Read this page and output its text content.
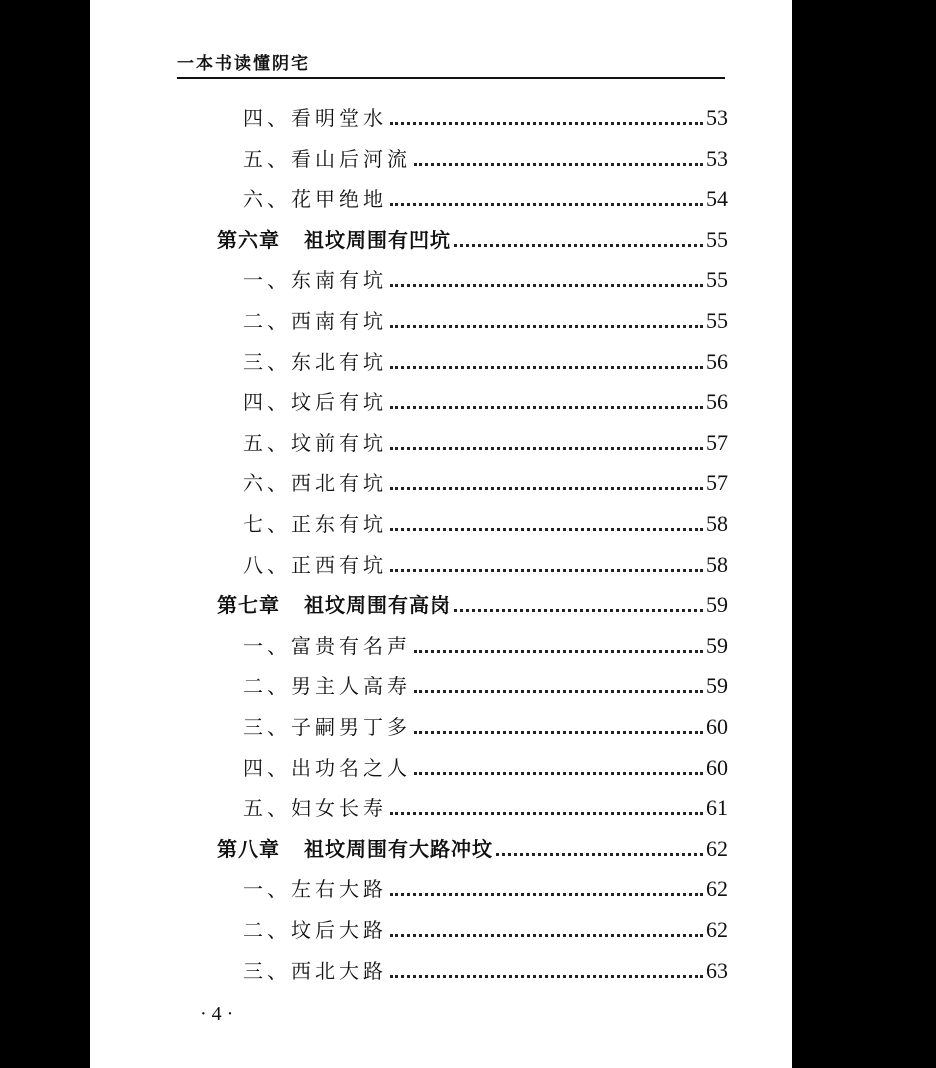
一本书读懂阴宅
四、 看明堂水	53
五、 看山后河流	53
六、 花甲绝地	54
第六章 祖坟周围有凹坑	55
一、 东南有坑	55
二、 西南有坑	55
三、 东北有坑	56
四、 坟后有坑	56
五、 坟前有坑	57
六、 西北有坑	57
七、 正东有坑	58
八、 正西有坑	58
第七章 祖坟周围有高岗	59
一、 富贵有名声	59
二、 男主人高寿	59
三、 子嗣男丁多	60
四、 出功名之人	60
五、 妇女长寿	61
第八章 祖坟周围有大路冲坟	62
一、 左右大路	62
二、 坟后大路	62
三、 西北大路	63
· 4 ·
